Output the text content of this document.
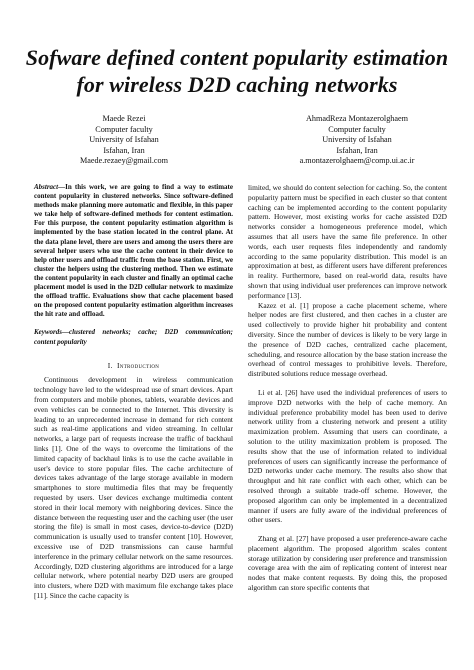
Sofware defined content popularity estimation for wireless D2D caching networks
Maede Rezei
Computer faculty
University of Isfahan
Isfahan, Iran
Maede.rezaey@gmail.com
AhmadReza Montazerolghaem
Computer faculty
University of Isfahan
Isfahan, Iran
a.montazerolghaem@comp.ui.ac.ir

Abstract—In this work, we are going to find a way to estimate content popularity in clustered networks. Since software-defined methods make planning more automatic and flexible, in this paper we take help of software-defined methods for content estimation. For this purpose, the content popularity estimation algorithm is implemented by the base station located in the control plane. At the data plane level, there are users and among the users there are several helper users who use the cache content in their device to help other users and offload traffic from the base station. First, we cluster the helpers using the clustering method. Then we estimate the content popularity in each cluster and finally an optimal cache placement model is used in the D2D cellular network to maximize the offload traffic. Evaluations show that cache placement based on the proposed content popularity estimation algorithm increases the hit rate and offload.

Keywords—clustered networks; cache; D2D communication; content popularity

I. Introduction

Continuous development in wireless communication technology have led to the widespread use of smart devices. Apart from computers and mobile phones, tablets, wearable devices and even vehicles can be connected to the Internet. This diversity is leading to an unprecedented increase in demand for rich content such as real-time applications and video streaming. In cellular networks, a large part of requests increase the traffic of backhaul links [1]. One of the ways to overcome the limitations of the limited capacity of backhaul links is to use the cache available in user's device to store popular files. The cache architecture of devices takes advantage of the large storage available in modern smartphones to store multimedia files that may be frequently requested by users. User devices exchange multimedia content stored in their local memory with neighboring devices. Since the distance between the requesting user and the caching user (the user storing the file) is small in most cases, device-to-device (D2D) communication is usually used to transfer content [10]. However, excessive use of D2D transmissions can cause harmful interference in the primary cellular network on the same resources. Accordingly, D2D clustering algorithms are introduced for a large cellular network, where potential nearby D2D users are grouped into clusters, where D2D with maximum file exchange takes place [11]. Since the cache capacity is

limited, we should do content selection for caching. So, the content popularity pattern must be specified in each cluster so that content caching can be implemented according to the content popularity pattern. However, most existing works for cache assisted D2D networks consider a homogeneous preference model, which assumes that all users have the same file preference. In other words, each user requests files independently and randomly according to the same popularity distribution. This model is an approximation at best, as different users have different preferences in reality. Furthermore, based on real-world data, results have shown that using individual user preferences can improve network performance [13].

Kazez et al. [1] propose a cache placement scheme, where helper nodes are first clustered, and then caches in a cluster are used collectively to provide higher hit probability and content diversity. Since the number of devices is likely to be very large in the presence of D2D caches, centralized cache placement, scheduling, and resource allocation by the base station increase the overhead of control messages to prohibitive levels. Therefore, distributed solutions reduce message overhead.

Li et al. [26] have used the individual preferences of users to improve D2D networks with the help of cache memory. An individual preference probability model has been used to derive network utility from a clustering network and present a utility maximization problem. Assuming that users can coordinate, a solution to the utility maximization problem is proposed. The results show that the use of information related to individual preferences of users can significantly increase the performance of D2D networks under cache memory. The results also show that throughput and hit rate conflict with each other, which can be resolved through a suitable trade-off scheme. However, the proposed algorithm can only be implemented in a decentralized manner if users are fully aware of the individual preferences of other users.

Zhang et al. [27] have proposed a user preference-aware cache placement algorithm. The proposed algorithm scales content storage utilization by considering user preference and transmission coverage area with the aim of replicating content of interest near nodes that make content requests. By doing this, the proposed algorithm can store specific contents that
